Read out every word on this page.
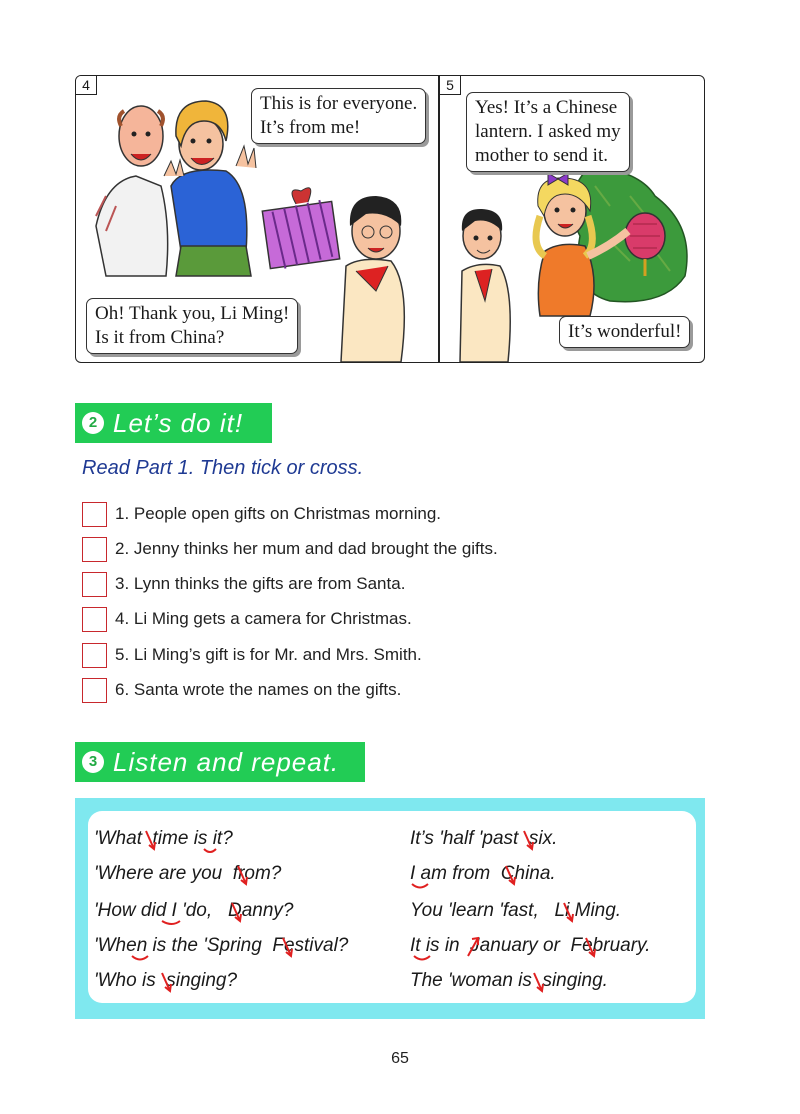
4
This is for everyone.
It’s from me!
Oh! Thank you, Li Ming!
Is it from China?
5
Yes! It’s a Chinese
lantern. I asked my
mother to send it.
It’s wonderful!
2 Let’s do it!
Read Part 1. Then tick or cross.
1. People open gifts on Christmas morning.
2. Jenny thinks her mum and dad brought the gifts.
3. Lynn thinks the gifts are from Santa.
4. Li Ming gets a camera for Christmas.
5. Li Ming’s gift is for Mr. and Mrs. Smith.
6. Santa wrote the names on the gifts.
3 Listen and repeat.
'What  time is it?	It’s 'half 'past  six.
'Where are you  from?	I am from  China.
'How did I 'do,   Danny?	You 'learn 'fast,   Li Ming.
'When is the 'Spring  Festival?	It is in  January or  February.
'Who is  singing?	The 'woman is  singing.
65
